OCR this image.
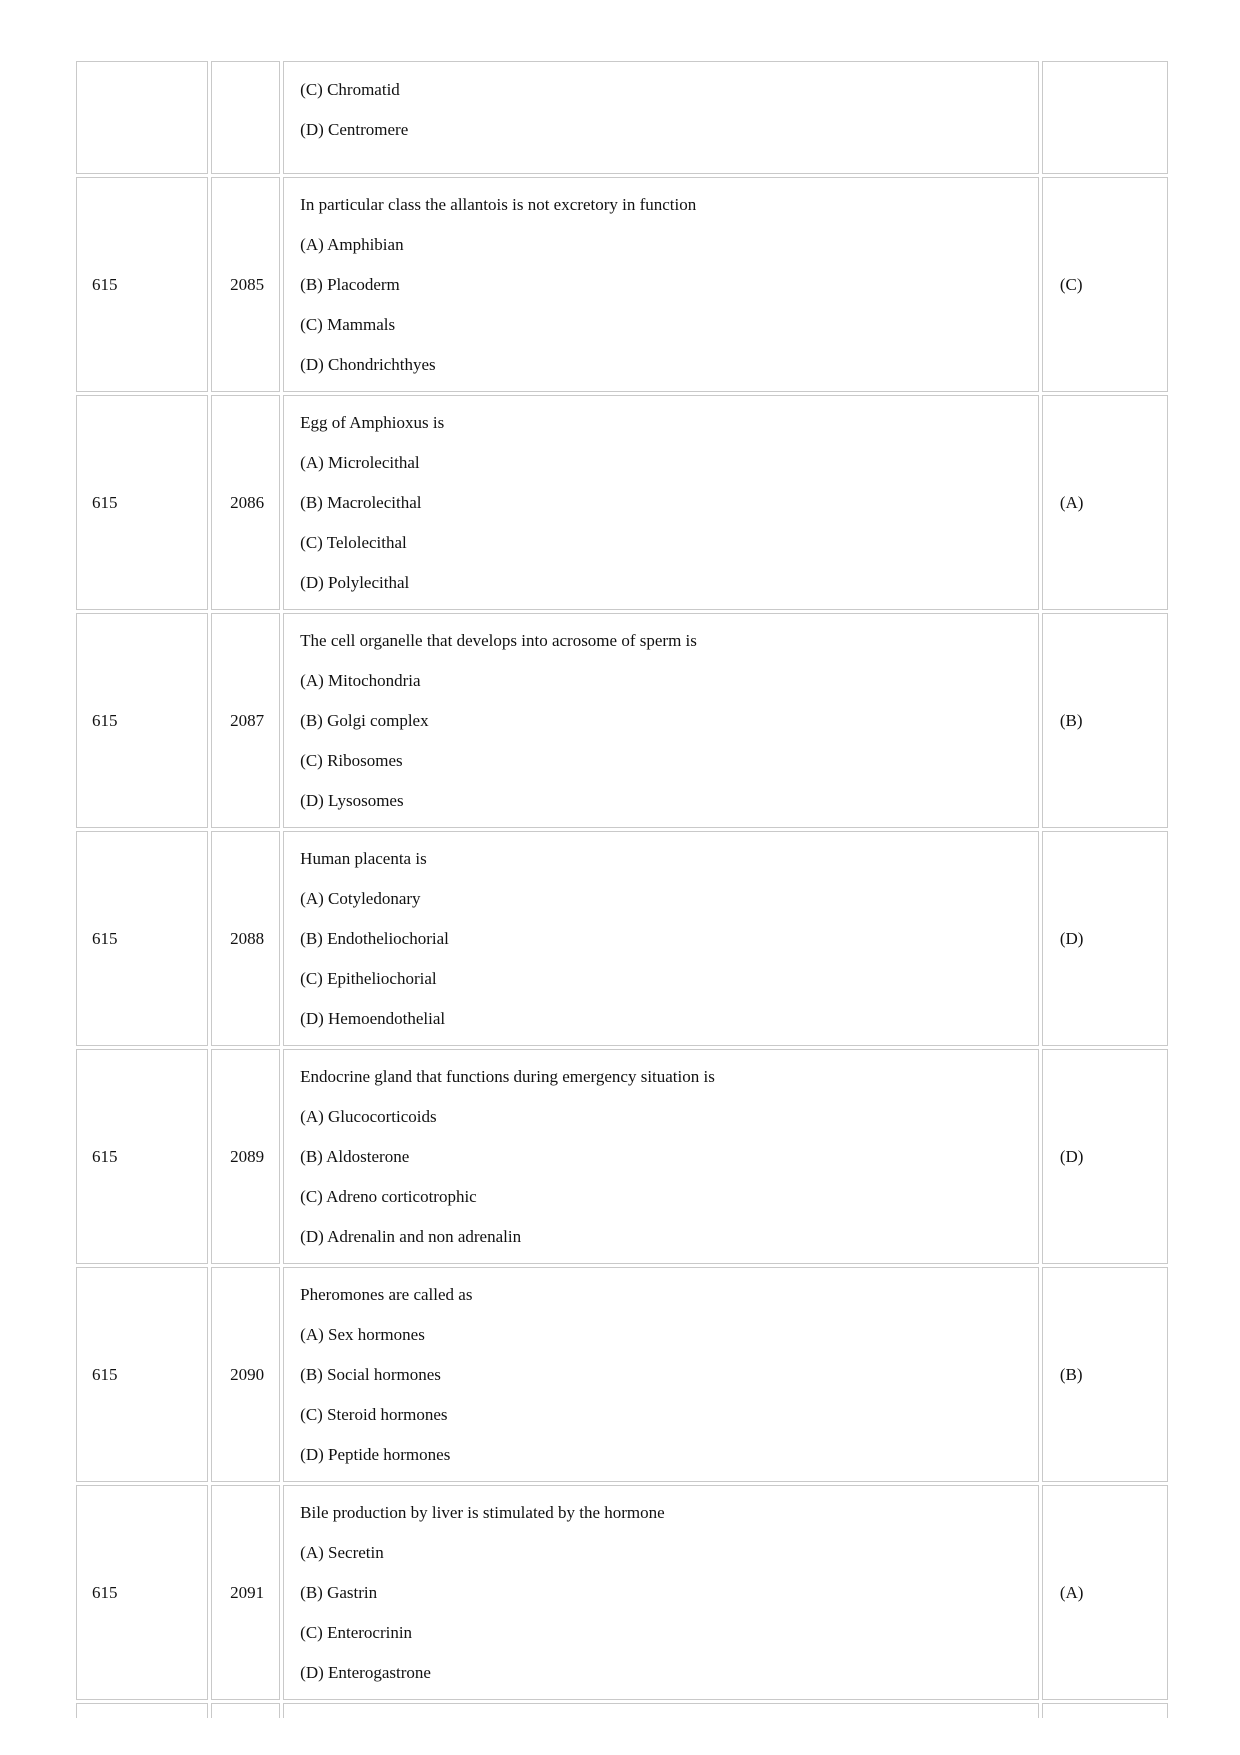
		(C) Chromatid
(D) Centromere	

615	2085	In particular class the allantois is not excretory in function
(A) Amphibian
(B) Placoderm
(C) Mammals
(D) Chondrichthyes	(C)
615	2086	Egg of Amphioxus is
(A) Microlecithal
(B) Macrolecithal
(C) Telolecithal
(D) Polylecithal	(A)
615	2087	The cell organelle that develops into acrosome of sperm is
(A) Mitochondria
(B) Golgi complex
(C) Ribosomes
(D) Lysosomes	(B)
615	2088	Human placenta is
(A) Cotyledonary
(B) Endotheliochorial
(C) Epitheliochorial
(D) Hemoendothelial	(D)
615	2089	Endocrine gland that functions during emergency situation is
(A) Glucocorticoids
(B) Aldosterone
(C) Adreno corticotrophic
(D) Adrenalin and non adrenalin	(D)
615	2090	Pheromones are called as
(A) Sex hormones
(B) Social hormones
(C) Steroid hormones
(D) Peptide hormones	(B)
615	2091	Bile production by liver is stimulated by the hormone
(A) Secretin
(B) Gastrin
(C) Enterocrinin
(D) Enterogastrone	(A)
